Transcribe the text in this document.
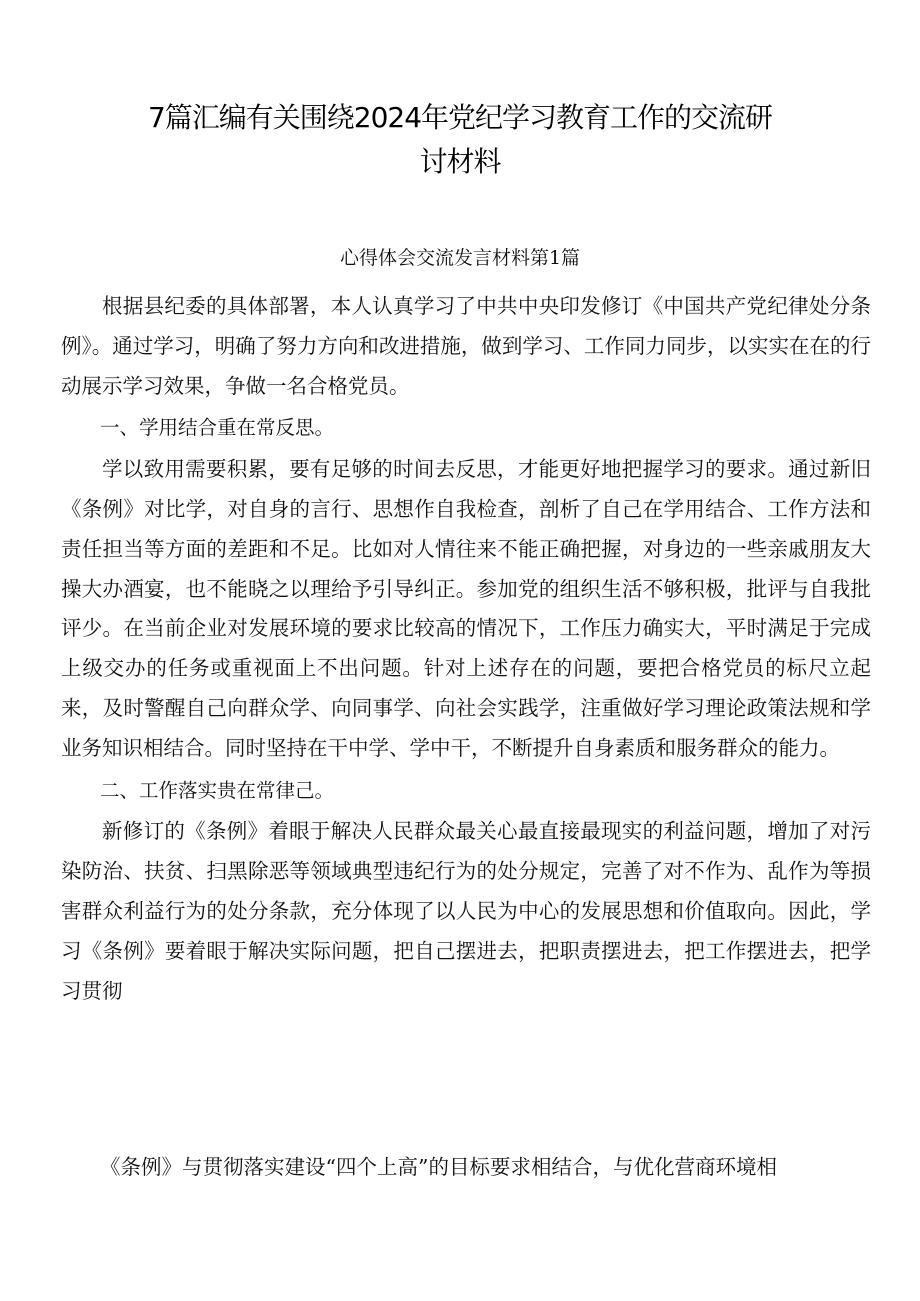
7篇汇编有关围绕2024年党纪学习教育工作的交流研
讨材料
心得体会交流发言材料第1篇

根据县纪委的具体部署，本人认真学习了中共中央印发修订《中国共产党纪律处分条例》。通过学习，明确了努力方向和改进措施，做到学习、工作同力同步，以实实在在的行动展示学习效果，争做一名合格党员。

一、学用结合重在常反思。

学以致用需要积累，要有足够的时间去反思，才能更好地把握学习的要求。通过新旧《条例》对比学，对自身的言行、思想作自我检查，剖析了自己在学用结合、工作方法和责任担当等方面的差距和不足。比如对人情往来不能正确把握，对身边的一些亲戚朋友大操大办酒宴，也不能晓之以理给予引导纠正。参加党的组织生活不够积极，批评与自我批评少。在当前企业对发展环境的要求比较高的情况下，工作压力确实大，平时满足于完成上级交办的任务或重视面上不出问题。针对上述存在的问题，要把合格党员的标尺立起来，及时警醒自己向群众学、向同事学、向社会实践学，注重做好学习理论政策法规和学业务知识相结合。同时坚持在干中学、学中干，不断提升自身素质和服务群众的能力。

二、工作落实贵在常律己。

新修订的《条例》着眼于解决人民群众最关心最直接最现实的利益问题，增加了对污染防治、扶贫、扫黑除恶等领域典型违纪行为的处分规定，完善了对不作为、乱作为等损害群众利益行为的处分条款，充分体现了以人民为中心的发展思想和价值取向。因此，学习《条例》要着眼于解决实际问题，把自己摆进去，把职责摆进去，把工作摆进去，把学习贯彻

《条例》与贯彻落实建设“四个上高”的目标要求相结合，与优化营商环境相
